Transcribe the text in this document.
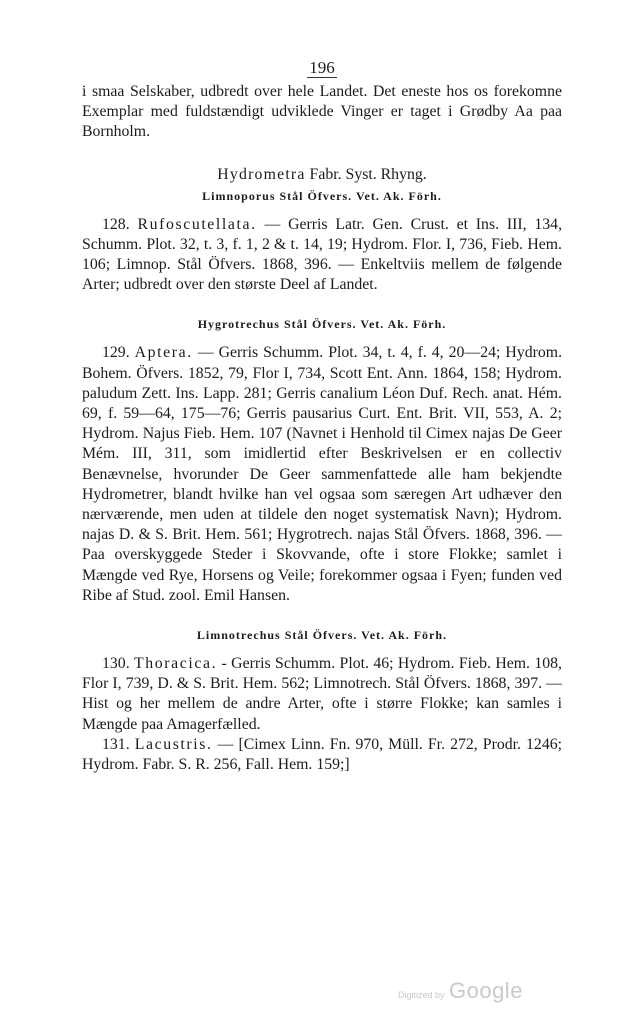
196

i smaa Selskaber, udbredt over hele Landet. Det eneste hos os forekomne Exemplar med fuldstændigt udviklede Vinger er taget i Grødby Aa paa Bornholm.

Hydrometra Fabr. Syst. Rhyng.
Limnoporus Stål Öfvers. Vet. Ak. Förh.

128. Rufoscutellata. — Gerris Latr. Gen. Crust. et Ins. III, 134, Schumm. Plot. 32, t. 3, f. 1, 2 & t. 14, 19; Hydrom. Flor. I, 736, Fieb. Hem. 106; Limnop. Stål Öfvers. 1868, 396. — Enkeltviis mellem de følgende Arter; udbredt over den største Deel af Landet.

Hygrotrechus Stål Öfvers. Vet. Ak. Förh.

129. Aptera. — Gerris Schumm. Plot. 34, t. 4, f. 4, 20—24; Hydrom. Bohem. Öfvers. 1852, 79, Flor I, 734, Scott Ent. Ann. 1864, 158; Hydrom. paludum Zett. Ins. Lapp. 281; Gerris canalium Léon Duf. Rech. anat. Hém. 69, f. 59—64, 175—76; Gerris pausarius Curt. Ent. Brit. VII, 553, A. 2; Hydrom. Najus Fieb. Hem. 107 (Navnet i Henhold til Cimex najas De Geer Mém. III, 311, som imidlertid efter Beskrivelsen er en collectiv Benævnelse, hvorunder De Geer sammenfattede alle ham bekjendte Hydrometrer, blandt hvilke han vel ogsaa som særegen Art udhæver den nærværende, men uden at tildele den noget systematisk Navn); Hydrom. najas D. & S. Brit. Hem. 561; Hygrotrech. najas Stål Öfvers. 1868, 396. — Paa overskyggede Steder i Skovvande, ofte i store Flokke; samlet i Mængde ved Rye, Horsens og Veile; forekommer ogsaa i Fyen; funden ved Ribe af Stud. zool. Emil Hansen.

Limnotrechus Stål Öfvers. Vet. Ak. Förh.

130. Thoracica. - Gerris Schumm. Plot. 46; Hydrom. Fieb. Hem. 108, Flor I, 739, D. & S. Brit. Hem. 562; Limnotrech. Stål Öfvers. 1868, 397. — Hist og her mellem de andre Arter, ofte i større Flokke; kan samles i Mængde paa Amagerfælled.

131. Lacustris. — [Cimex Linn. Fn. 970, Müll. Fr. 272, Prodr. 1246; Hydrom. Fabr. S. R. 256, Fall. Hem. 159;]

Digitized by Google
